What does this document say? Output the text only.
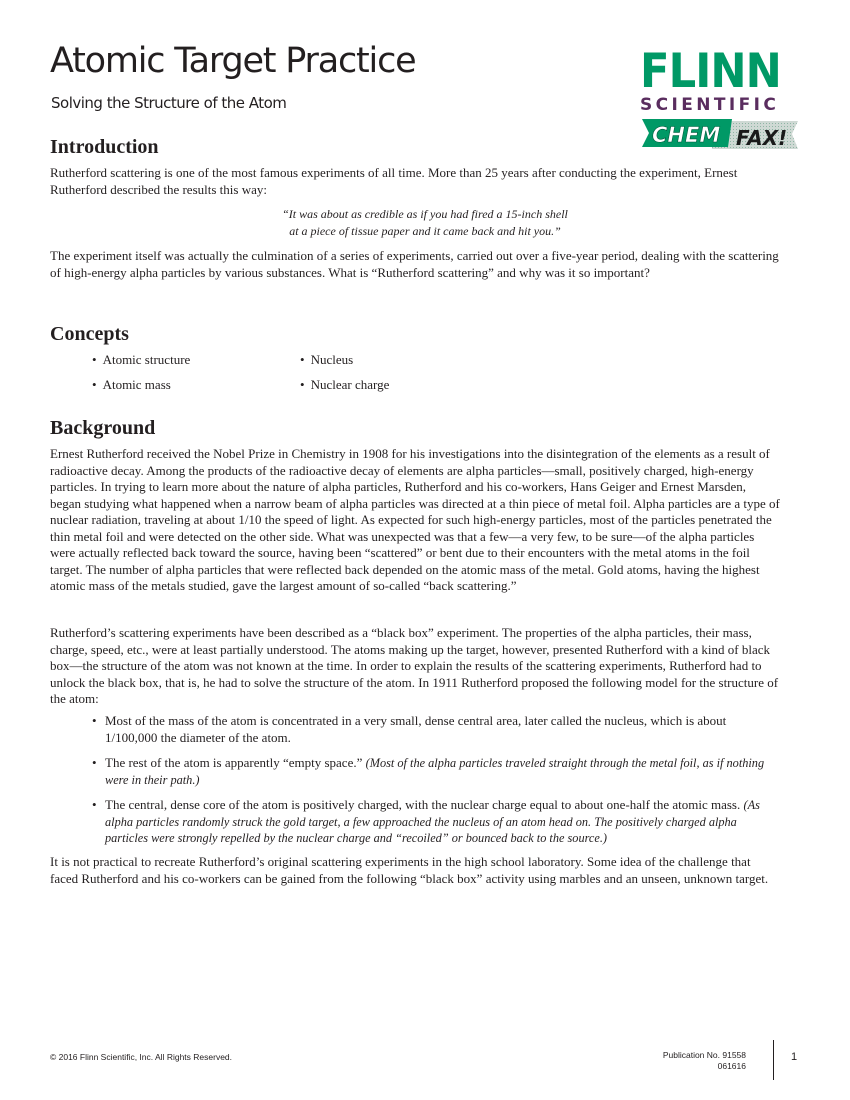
Atomic Target Practice

Solving the Structure of the Atom

FLINN
SCIENTIFIC
CHEM FAX!
Introduction

Rutherford scattering is one of the most famous experiments of all time. More than 25 years after conducting the experiment, Ernest Rutherford described the results this way:

“It was about as credible as if you had fired a 15-inch shell
at a piece of tissue paper and it came back and hit you.”

The experiment itself was actually the culmination of a series of experiments, carried out over a five-year period, dealing with the scattering of high-energy alpha particles by various substances. What is “Rutherford scattering” and why was it so important?

Concepts
• Atomic structure
• Atomic mass
• Nucleus
• Nuclear charge
Background

Ernest Rutherford received the Nobel Prize in Chemistry in 1908 for his investigations into the disintegration of the elements as a result of radioactive decay. Among the products of the radioactive decay of elements are alpha particles—small, positively charged, high-energy particles. In trying to learn more about the nature of alpha particles, Rutherford and his co-workers, Hans Geiger and Ernest Marsden, began studying what happened when a narrow beam of alpha particles was directed at a thin piece of metal foil. Alpha particles are a type of nuclear radiation, traveling at about 1/10 the speed of light. As expected for such high-energy particles, most of the particles penetrated the thin metal foil and were detected on the other side. What was unexpected was that a few—a very few, to be sure—of the alpha particles were actually reflected back toward the source, having been “scattered” or bent due to their encounters with the metal atoms in the foil target. The number of alpha particles that were reflected back depended on the atomic mass of the metal. Gold atoms, having the highest atomic mass of the metals studied, gave the largest amount of so-called “back scattering.”

Rutherford’s scattering experiments have been described as a “black box” experiment. The properties of the alpha particles, their mass, charge, speed, etc., were at least partially understood. The atoms making up the target, however, presented Rutherford with a kind of black box—the structure of the atom was not known at the time. In order to explain the results of the scattering experiments, Rutherford had to unlock the black box, that is, he had to solve the structure of the atom. In 1911 Rutherford proposed the following model for the structure of the atom:

• Most of the mass of the atom is concentrated in a very small, dense central area, later called the nucleus, which is about 1/100,000 the diameter of the atom.
• The rest of the atom is apparently “empty space.” (Most of the alpha particles traveled straight through the metal foil, as if nothing were in their path.)
• The central, dense core of the atom is positively charged, with the nuclear charge equal to about one-half the atomic mass. (As alpha particles randomly struck the gold target, a few approached the nucleus of an atom head on. The positively charged alpha particles were strongly repelled by the nuclear charge and “recoiled” or bounced back to the source.)

It is not practical to recreate Rutherford’s original scattering experiments in the high school laboratory. Some idea of the challenge that faced Rutherford and his co-workers can be gained from the following “black box” activity using marbles and an unseen, unknown target.

© 2016 Flinn Scientific, Inc. All Rights Reserved.	Publication No. 91558
061616
1
